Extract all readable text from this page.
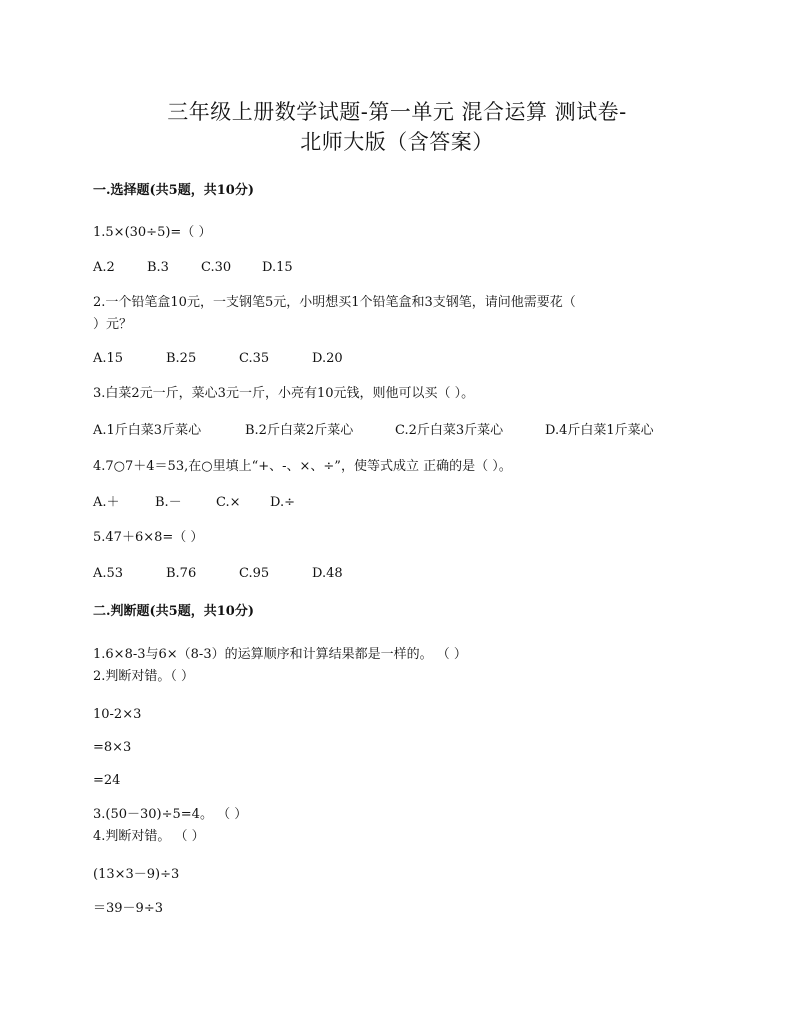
三年级上册数学试题-第一单元 混合运算 测试卷-
北师大版（含答案）
一.选择题(共5题，共10分)
1.5×(30÷5)=（ ）
A.2 B.3 C.30 D.15
2.一个铅笔盒10元，一支钢笔5元，小明想买1个铅笔盒和3支钢笔，请问他需要花（
）元？
A.15	B.25	C.35	D.20
3.白菜2元一斤，菜心3元一斤，小亮有10元钱，则他可以买（ ）。
A.1斤白菜3斤菜心	B.2斤白菜2斤菜心	C.2斤白菜3斤菜心	D.4斤白菜1斤菜心
4.7○7＋4＝53,在○里填上“+、-、×、÷”，使等式成立 正确的是（ ）。
A.＋	B.－	C.× D.÷
5.47＋6×8=（ ）
A.53	B.76	C.95	D.48
二.判断题(共5题，共10分)
1.6×8-3与6×（8-3）的运算顺序和计算结果都是一样的。 （ ）
2.判断对错。（ ）
10-2×3
=8×3
=24
3.(50－30)÷5=4。 （ ）
4.判断对错。 （ ）
(13×3－9)÷3
＝39－9÷3
